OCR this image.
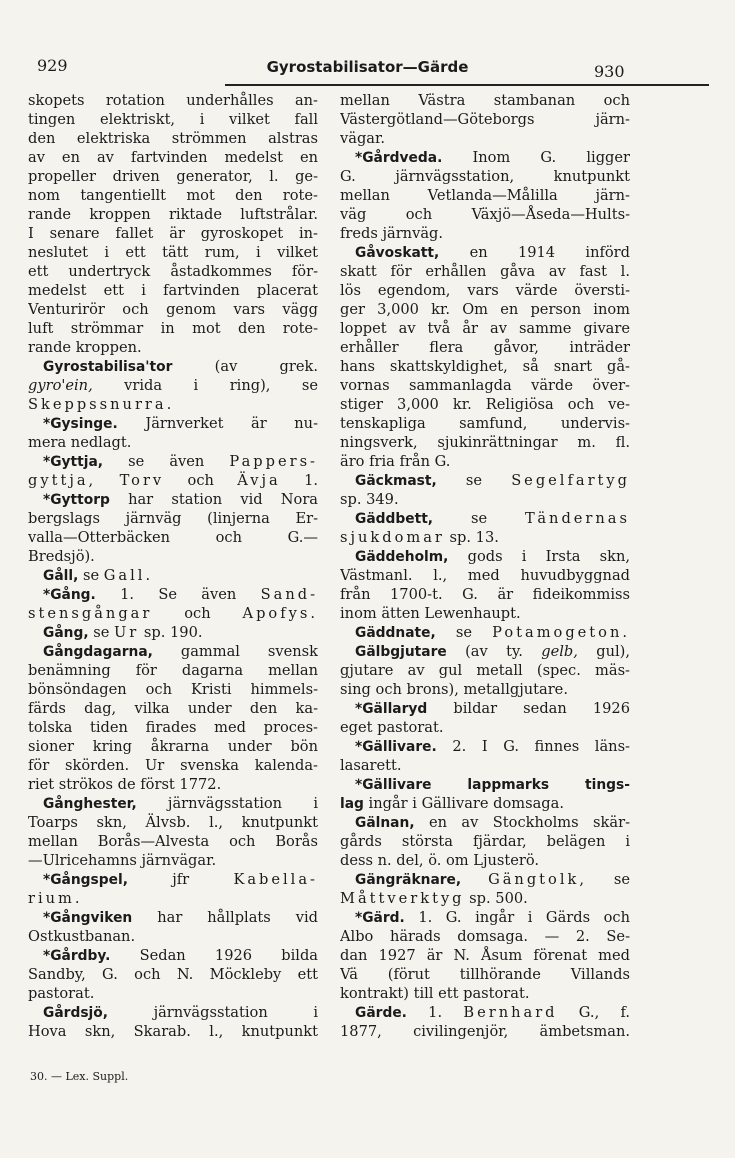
929	Gyrostabilisator—Gärde	930
skopets rotation underhålles an-
tingen elektriskt, i vilket fall
den elektriska strömmen alstras
av en av fartvinden medelst en
propeller driven generator, l. ge-
nom tangentiellt mot den rote-
rande kroppen riktade luftstrålar.
I senare fallet är gyroskopet in-
neslutet i ett tätt rum, i vilket
ett undertryck åstadkommes för-
medelst ett i fartvinden placerat
Venturirör och genom vars vägg
luft strömmar in mot den rote-
rande kroppen.
Gyrostabilisa'tor (av grek.
gyro'ein, vrida i ring), se
Skeppssnurra.
*Gysinge. Järnverket är nu-
mera nedlagt.
*Gyttja, se även Pappers-
gyttja, Torv och Ävja 1.
*Gyttorp har station vid Nora
bergslags järnväg (linjerna Er-
valla—Otterbäcken och G.—
Bredsjö).
Gåll, se Gall.
*Gång. 1. Se även Sand-
stensgångar och Apofys.
Gång, se Ur sp. 190.
Gångdagarna, gammal svensk
benämning för dagarna mellan
bönsöndagen och Kristi himmels-
färds dag, vilka under den ka-
tolska tiden firades med proces-
sioner kring åkrarna under bön
för skörden. Ur svenska kalenda-
riet strökos de först 1772.
Gånghester, järnvägsstation i
Toarps skn, Älvsb. l., knutpunkt
mellan Borås—Alvesta och Borås
—Ulricehamns järnvägar.
*Gångspel, jfr Kabella-
rium.
*Gångviken har hållplats vid
Ostkustbanan.
*Gårdby. Sedan 1926 bilda
Sandby, G. och N. Möckleby ett
pastorat.
Gårdsjö, järnvägsstation i
Hova skn, Skarab. l., knutpunkt
mellan Västra stambanan och
Västergötland—Göteborgs järn-
vägar.
*Gårdveda. Inom G. ligger
G. järnvägsstation, knutpunkt
mellan Vetlanda—Målilla järn-
väg och Växjö—Åseda—Hults-
freds järnväg.
Gåvoskatt, en 1914 införd
skatt för erhållen gåva av fast l.
lös egendom, vars värde översti-
ger 3,000 kr. Om en person inom
loppet av två år av samme givare
erhåller flera gåvor, inträder
hans skattskyldighet, så snart gå-
vornas sammanlagda värde över-
stiger 3,000 kr. Religiösa och ve-
tenskapliga samfund, undervis-
ningsverk, sjukinrättningar m. fl.
äro fria från G.
Gäckmast, se Segelfartyg
sp. 349.
Gäddbett, se Tändernas
sjukdomar sp. 13.
Gäddeholm, gods i Irsta skn,
Västmanl. l., med huvudbyggnad
från 1700-t. G. är fideikommiss
inom ätten Lewenhaupt.
Gäddnate, se Potamogeton.
Gälbgjutare (av ty. gelb, gul),
gjutare av gul metall (spec. mäs-
sing och brons), metallgjutare.
*Gällaryd bildar sedan 1926
eget pastorat.
*Gällivare. 2. I G. finnes läns-
lasarett.
*Gällivare lappmarks tings-
lag ingår i Gällivare domsaga.
Gälnan, en av Stockholms skär-
gårds största fjärdar, belägen i
dess n. del, ö. om Ljusterö.
Gängräknare, Gängtolk, se
Måttverktyg sp. 500.
*Gärd. 1. G. ingår i Gärds och
Albo härads domsaga. — 2. Se-
dan 1927 är N. Åsum förenat med
Vä (förut tillhörande Villands
kontrakt) till ett pastorat.
Gärde. 1. Bernhard G., f.
1877, civilingenjör, ämbetsman.
30. — Lex. Suppl.
